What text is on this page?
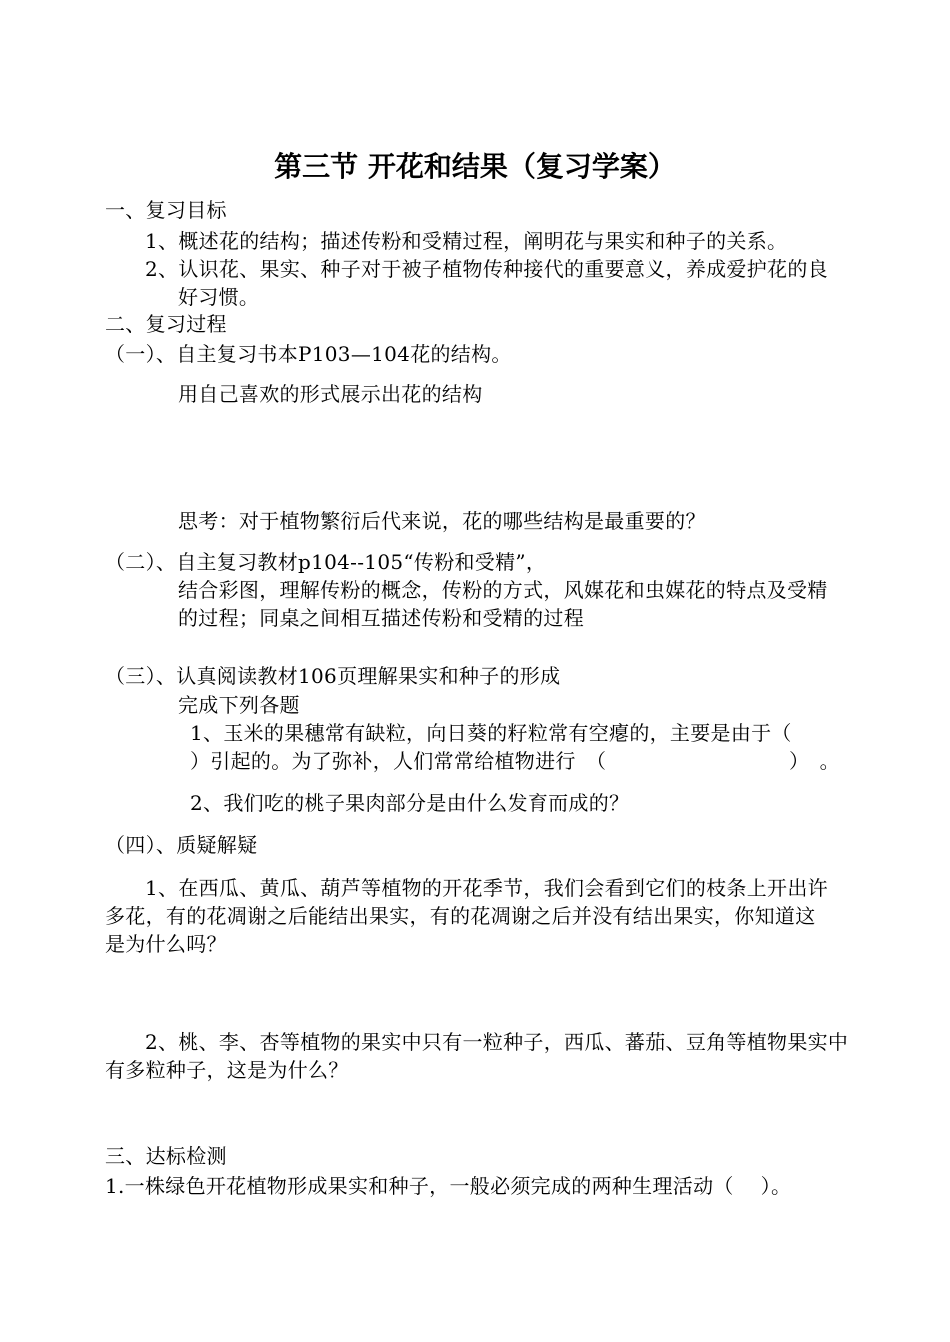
第三节 开花和结果（复习学案）
一、复习目标
1、概述花的结构；描述传粉和受精过程，阐明花与果实和种子的关系。
2、认识花、果实、种子对于被子植物传种接代的重要意义，养成爱护花的良
好习惯。
二、复习过程
（一）、自主复习书本P103—104花的结构。
用自己喜欢的形式展示出花的结构
思考：对于植物繁衍后代来说，花的哪些结构是最重要的？
（二）、自主复习教材p104--105“传粉和受精”，
结合彩图，理解传粉的概念，传粉的方式，风媒花和虫媒花的特点及受精
的过程；同桌之间相互描述传粉和受精的过程
（三）、认真阅读教材106页理解果实和种子的形成
完成下列各题
1、玉米的果穗常有缺粒，向日葵的籽粒常有空瘪的，主要是由于（
）引起的。为了弥补，人们常常给植物进行　（　　　　　　　　　）　。
2、我们吃的桃子果肉部分是由什么发育而成的？
（四）、质疑解疑
1、在西瓜、黄瓜、葫芦等植物的开花季节，我们会看到它们的枝条上开出许
多花，有的花凋谢之后能结出果实，有的花凋谢之后并没有结出果实，你知道这
是为什么吗？
2、桃、李、杏等植物的果实中只有一粒种子，西瓜、蕃茄、豆角等植物果实中
有多粒种子，这是为什么？
三、达标检测
1.一株绿色开花植物形成果实和种子，一般必须完成的两种生理活动（　 ）。
